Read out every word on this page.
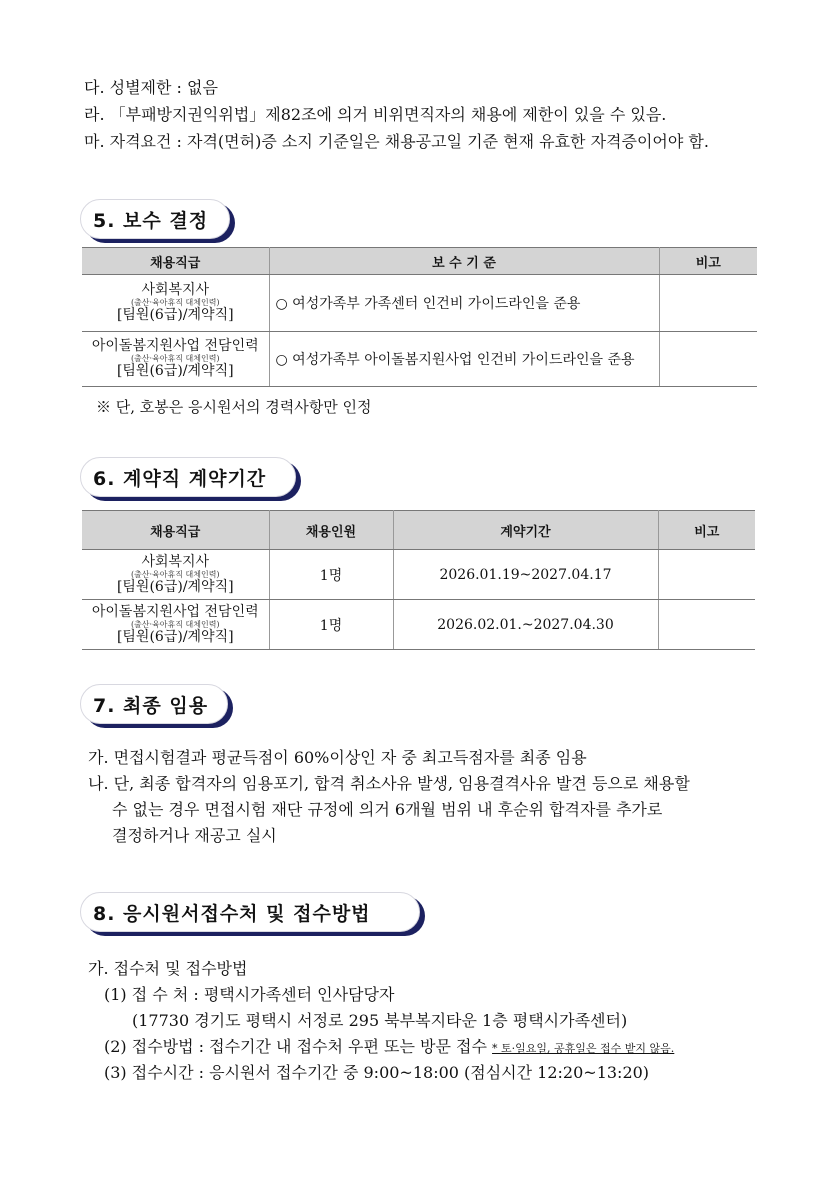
다. 성별제한 : 없음
라. 「부패방지권익위법」제82조에 의거 비위면직자의 채용에 제한이 있을 수 있음.
마. 자격요건 : 자격(면허)증 소지 기준일은 채용공고일 기준 현재 유효한 자격증이어야 함.
5. 보수 결정
채용직급	보 수 기 준	비고

사회복지사
(출산·육아휴직 대체인력)
[팀원(6급)/계약직]	○ 여성가족부 가족센터 인건비 가이드라인을 준용	

아이돌봄지원사업 전담인력
(출산·육아휴직 대체인력)
[팀원(6급)/계약직]	○ 여성가족부 아이돌봄지원사업 인건비 가이드라인을 준용	
※ 단, 호봉은 응시원서의 경력사항만 인정
6. 계약직 계약기간
채용직급	채용인원	계약기간	비고

사회복지사
(출산·육아휴직 대체인력)
[팀원(6급)/계약직]	1명	2026.01.19~2027.04.17	

아이돌봄지원사업 전담인력
(출산·육아휴직 대체인력)
[팀원(6급)/계약직]	1명	2026.02.01.~2027.04.30	
7. 최종 임용
가. 면접시험결과 평균득점이 60%이상인 자 중 최고득점자를 최종 임용
나. 단, 최종 합격자의 임용포기, 합격 취소사유 발생, 임용결격사유 발견 등으로 채용할
수 없는 경우 면접시험 재단 규정에 의거 6개월 범위 내 후순위 합격자를 추가로
결정하거나 재공고 실시
8. 응시원서접수처 및 접수방법
가. 접수처 및 접수방법
(1) 접 수 처 : 평택시가족센터 인사담당자
(17730 경기도 평택시 서정로 295 북부복지타운 1층 평택시가족센터)
(2) 접수방법 : 접수기간 내 접수처 우편 또는 방문 접수 * 토·일요일, 공휴일은 접수 받지 않음.
(3) 접수시간 : 응시원서 접수기간 중 9:00~18:00 (점심시간 12:20~13:20)
